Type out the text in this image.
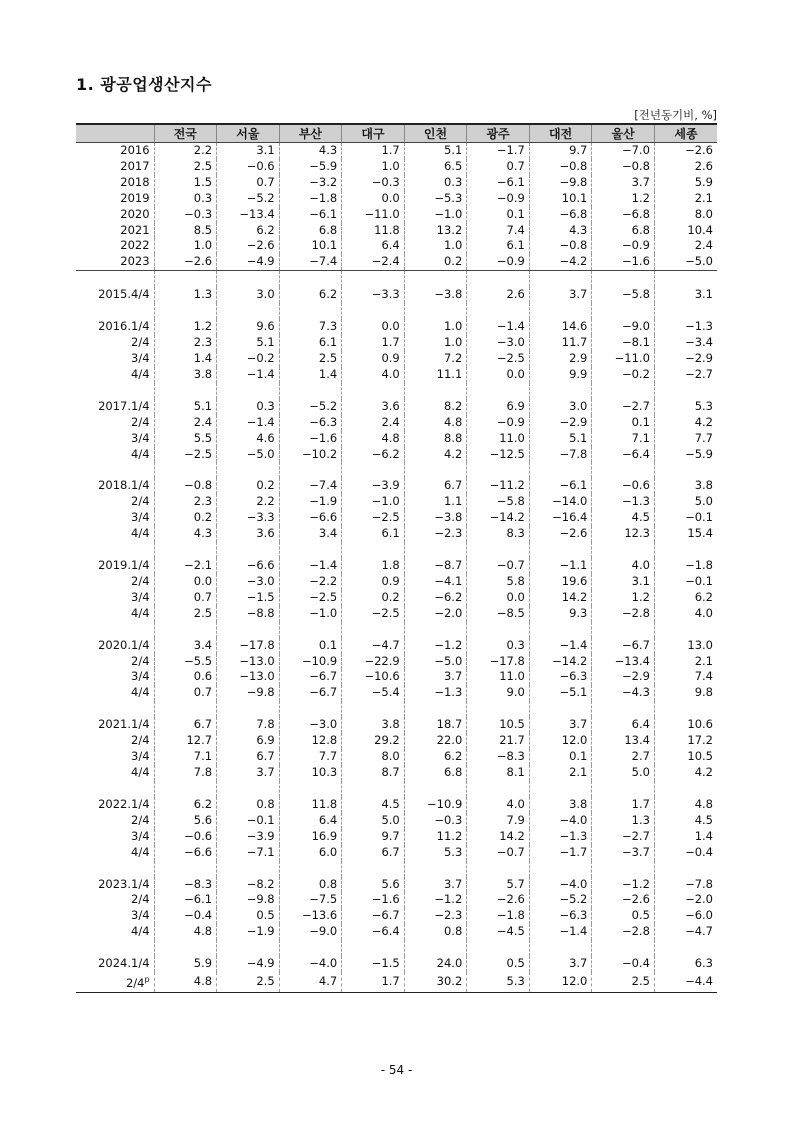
1. 광공업생산지수
[전년동기비, %]
	전국	서울	부산	대구	인천	광주	대전	울산	세종
2016	2.2	3.1	4.3	1.7	5.1	−1.7	9.7	−7.0	−2.6
2017	2.5	−0.6	−5.9	1.0	6.5	0.7	−0.8	−0.8	2.6
2018	1.5	0.7	−3.2	−0.3	0.3	−6.1	−9.8	3.7	5.9
2019	0.3	−5.2	−1.8	0.0	−5.3	−0.9	10.1	1.2	2.1
2020	−0.3	−13.4	−6.1	−11.0	−1.0	0.1	−6.8	−6.8	8.0
2021	8.5	6.2	6.8	11.8	13.2	7.4	4.3	6.8	10.4
2022	1.0	−2.6	10.1	6.4	1.0	6.1	−0.8	−0.9	2.4
2023	−2.6	−4.9	−7.4	−2.4	0.2	−0.9	−4.2	−1.6	−5.0

2015.4/4	1.3	3.0	6.2	−3.3	−3.8	2.6	3.7	−5.8	3.1

2016.1/4	1.2	9.6	7.3	0.0	1.0	−1.4	14.6	−9.0	−1.3
2/4	2.3	5.1	6.1	1.7	1.0	−3.0	11.7	−8.1	−3.4
3/4	1.4	−0.2	2.5	0.9	7.2	−2.5	2.9	−11.0	−2.9
4/4	3.8	−1.4	1.4	4.0	11.1	0.0	9.9	−0.2	−2.7

2017.1/4	5.1	0.3	−5.2	3.6	8.2	6.9	3.0	−2.7	5.3
2/4	2.4	−1.4	−6.3	2.4	4.8	−0.9	−2.9	0.1	4.2
3/4	5.5	4.6	−1.6	4.8	8.8	11.0	5.1	7.1	7.7
4/4	−2.5	−5.0	−10.2	−6.2	4.2	−12.5	−7.8	−6.4	−5.9

2018.1/4	−0.8	0.2	−7.4	−3.9	6.7	−11.2	−6.1	−0.6	3.8
2/4	2.3	2.2	−1.9	−1.0	1.1	−5.8	−14.0	−1.3	5.0
3/4	0.2	−3.3	−6.6	−2.5	−3.8	−14.2	−16.4	4.5	−0.1
4/4	4.3	3.6	3.4	6.1	−2.3	8.3	−2.6	12.3	15.4

2019.1/4	−2.1	−6.6	−1.4	1.8	−8.7	−0.7	−1.1	4.0	−1.8
2/4	0.0	−3.0	−2.2	0.9	−4.1	5.8	19.6	3.1	−0.1
3/4	0.7	−1.5	−2.5	0.2	−6.2	0.0	14.2	1.2	6.2
4/4	2.5	−8.8	−1.0	−2.5	−2.0	−8.5	9.3	−2.8	4.0

2020.1/4	3.4	−17.8	0.1	−4.7	−1.2	0.3	−1.4	−6.7	13.0
2/4	−5.5	−13.0	−10.9	−22.9	−5.0	−17.8	−14.2	−13.4	2.1
3/4	0.6	−13.0	−6.7	−10.6	3.7	11.0	−6.3	−2.9	7.4
4/4	0.7	−9.8	−6.7	−5.4	−1.3	9.0	−5.1	−4.3	9.8

2021.1/4	6.7	7.8	−3.0	3.8	18.7	10.5	3.7	6.4	10.6
2/4	12.7	6.9	12.8	29.2	22.0	21.7	12.0	13.4	17.2
3/4	7.1	6.7	7.7	8.0	6.2	−8.3	0.1	2.7	10.5
4/4	7.8	3.7	10.3	8.7	6.8	8.1	2.1	5.0	4.2

2022.1/4	6.2	0.8	11.8	4.5	−10.9	4.0	3.8	1.7	4.8
2/4	5.6	−0.1	6.4	5.0	−0.3	7.9	−4.0	1.3	4.5
3/4	−0.6	−3.9	16.9	9.7	11.2	14.2	−1.3	−2.7	1.4
4/4	−6.6	−7.1	6.0	6.7	5.3	−0.7	−1.7	−3.7	−0.4

2023.1/4	−8.3	−8.2	0.8	5.6	3.7	5.7	−4.0	−1.2	−7.8
2/4	−6.1	−9.8	−7.5	−1.6	−1.2	−2.6	−5.2	−2.6	−2.0
3/4	−0.4	0.5	−13.6	−6.7	−2.3	−1.8	−6.3	0.5	−6.0
4/4	4.8	−1.9	−9.0	−6.4	0.8	−4.5	−1.4	−2.8	−4.7

2024.1/4	5.9	−4.9	−4.0	−1.5	24.0	0.5	3.7	−0.4	6.3
2/4$^p$	4.8	2.5	4.7	1.7	30.2	5.3	12.0	2.5	−4.4
- 54 -
